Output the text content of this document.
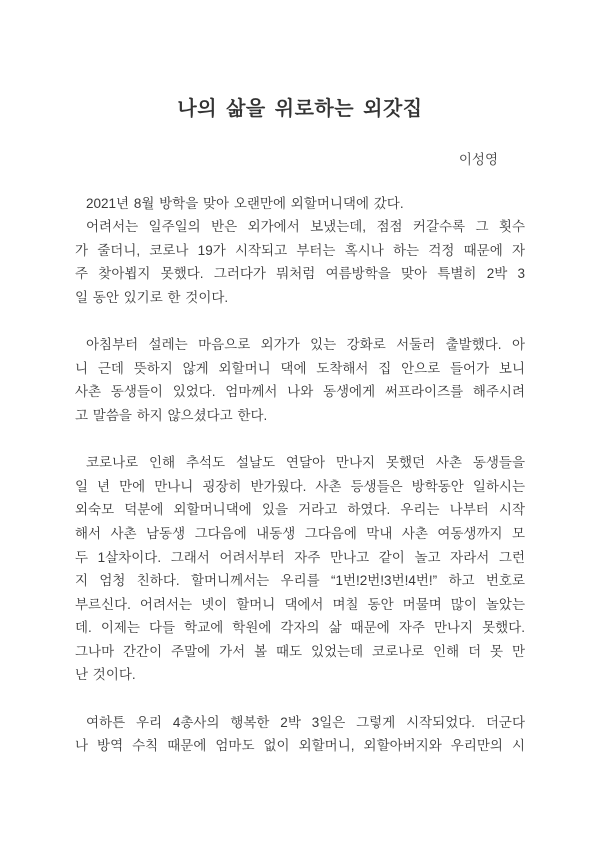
나의 삶을 위로하는 외갓집
이성영
2021년 8월 방학을 맞아 오랜만에 외할머니댁에 갔다.
어려서는 일주일의 반은 외가에서 보냈는데, 점점 커갈수록 그 횟수
가 줄더니, 코로나 19가 시작되고 부터는 혹시나 하는 걱정 때문에 자
주 찾아뵙지 못했다. 그러다가 뭐처럼 여름방학을 맞아 특별히 2박 3
일 동안 있기로 한 것이다.
아침부터 설레는 마음으로 외가가 있는 강화로 서둘러 출발했다. 아
니 근데 뜻하지 않게 외할머니 댁에 도착해서 집 안으로 들어가 보니
사촌 동생들이 있었다. 엄마께서 나와 동생에게 써프라이즈를 해주시려
고 말씀을 하지 않으셨다고 한다.
코로나로 인해 추석도 설날도 연달아 만나지 못했던 사촌 동생들을
일 년 만에 만나니 굉장히 반가웠다. 사촌 등생들은 방학동안 일하시는
외숙모 덕분에 외할머니댁에 있을 거라고 하였다. 우리는 나부터 시작
해서 사촌 남동생 그다음에 내동생 그다음에 막내 사촌 여동생까지 모
두 1살차이다. 그래서 어려서부터 자주 만나고 같이 놀고 자라서 그런
지 엄청 친하다. 할머니께서는 우리를 “1번!2번!3번!4번!” 하고 번호로
부르신다. 어려서는 넷이 할머니 댁에서 며칠 동안 머물며 많이 놀았는
데. 이제는 다들 학교에 학원에 각자의 삶 때문에 자주 만나지 못했다.
그나마 간간이 주말에 가서 볼 때도 있었는데 코로나로 인해 더 못 만
난 것이다.
여하튼 우리 4총사의 행복한 2박 3일은 그렇게 시작되었다. 더군다
나 방역 수칙 때문에 엄마도 없이 외할머니, 외할아버지와 우리만의 시
